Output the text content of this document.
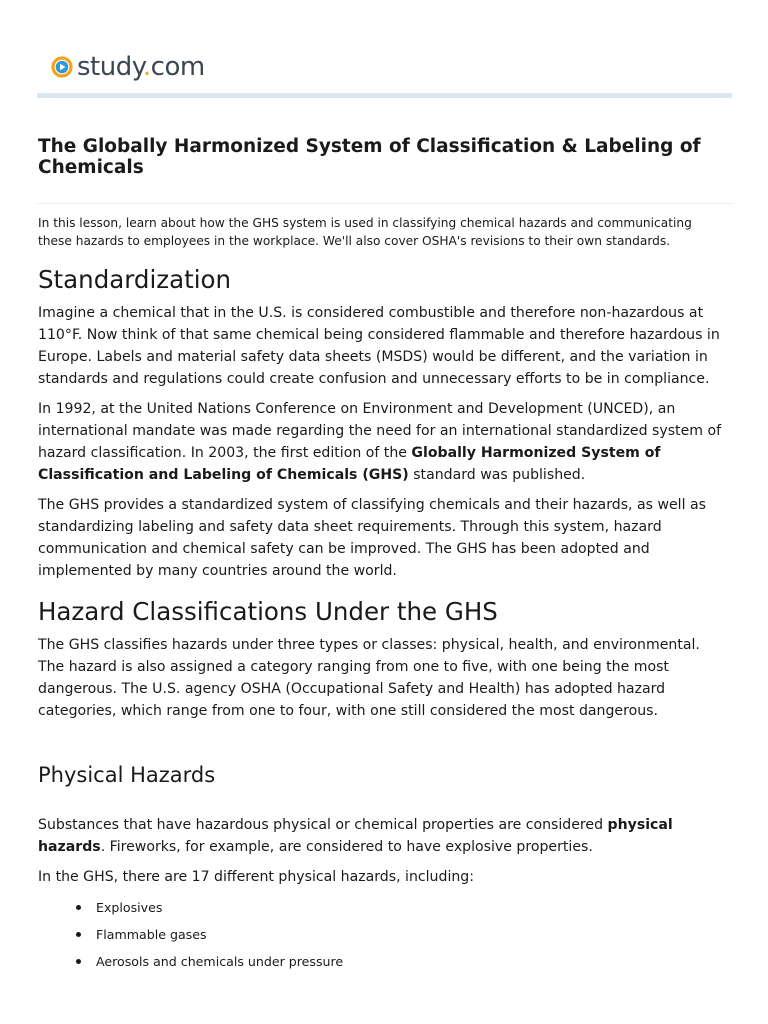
study.com
The Globally Harmonized System of Classification & Labeling of Chemicals

In this lesson, learn about how the GHS system is used in classifying chemical hazards and communicating these hazards to employees in the workplace. We'll also cover OSHA's revisions to their own standards.

Standardization

Imagine a chemical that in the U.S. is considered combustible and therefore non-hazardous at 110°F. Now think of that same chemical being considered flammable and therefore hazardous in Europe. Labels and material safety data sheets (MSDS) would be different, and the variation in standards and regulations could create confusion and unnecessary efforts to be in compliance.

In 1992, at the United Nations Conference on Environment and Development (UNCED), an international mandate was made regarding the need for an international standardized system of hazard classification. In 2003, the first edition of the Globally Harmonized System of Classification and Labeling of Chemicals (GHS) standard was published.

The GHS provides a standardized system of classifying chemicals and their hazards, as well as standardizing labeling and safety data sheet requirements. Through this system, hazard communication and chemical safety can be improved. The GHS has been adopted and implemented by many countries around the world.

Hazard Classifications Under the GHS

The GHS classifies hazards under three types or classes: physical, health, and environmental. The hazard is also assigned a category ranging from one to five, with one being the most dangerous. The U.S. agency OSHA (Occupational Safety and Health) has adopted hazard categories, which range from one to four, with one still considered the most dangerous.

Physical Hazards

Substances that have hazardous physical or chemical properties are considered physical hazards. Fireworks, for example, are considered to have explosive properties.

In the GHS, there are 17 different physical hazards, including:

Explosives
Flammable gases
Aerosols and chemicals under pressure
